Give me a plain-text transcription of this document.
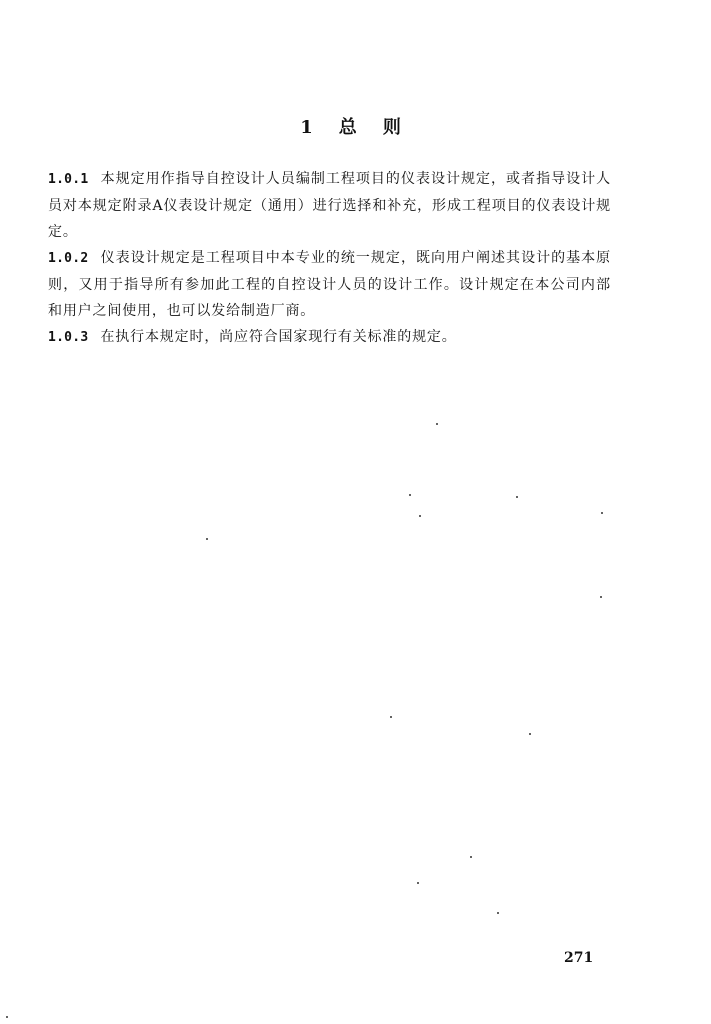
1 总 则

1.0.1 本规定用作指导自控设计人员编制工程项目的仪表设计规定，或者指导设计人员对本规定附录A仪表设计规定（通用）进行选择和补充，形成工程项目的仪表设计规定。

1.0.2 仪表设计规定是工程项目中本专业的统一规定，既向用户阐述其设计的基本原则，又用于指导所有参加此工程的自控设计人员的设计工作。设计规定在本公司内部和用户之间使用，也可以发给制造厂商。

1.0.3 在执行本规定时，尚应符合国家现行有关标准的规定。

271
